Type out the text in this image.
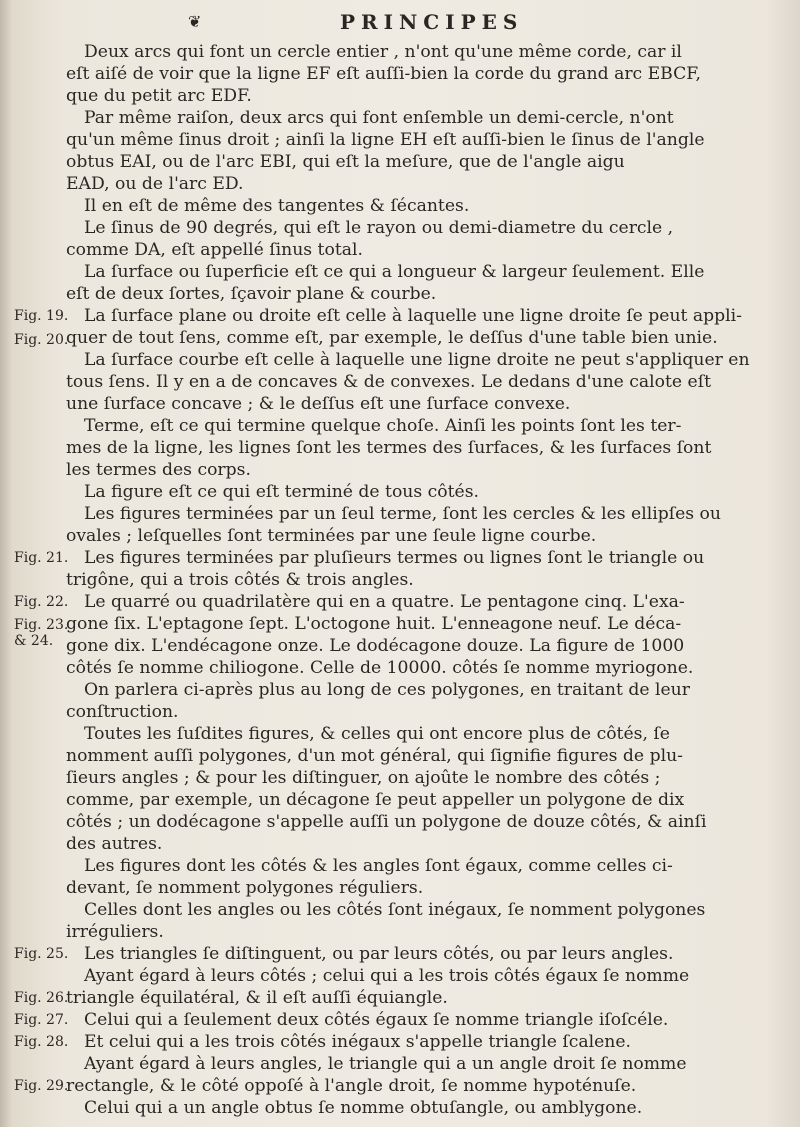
❦	PRINCIPES
Deux arcs qui font un cercle entier , n'ont qu'une même corde, car il
eſt aiſé de voir que la ligne EF eſt auſſi-bien la corde du grand arc EBCF,
que du petit arc EDF.
Par même raiſon, deux arcs qui font enſemble un demi-cercle, n'ont
qu'un même ſinus droit ; ainſi la ligne EH eſt auſſi-bien le ſinus de l'angle
obtus EAI, ou de l'arc EBI, qui eſt la meſure, que de l'angle aigu
EAD, ou de l'arc ED.
Il en eſt de même des tangentes & ſécantes.
Le ſinus de 90 degrés, qui eſt le rayon ou demi-diametre du cercle ,
comme DA, eſt appellé ſinus total.
La ſurface ou ſuperficie eſt ce qui a longueur & largeur ſeulement. Elle
eſt de deux ſortes, ſçavoir plane & courbe.
La ſurface plane ou droite eſt celle à laquelle une ligne droite ſe peut appli-
quer de tout ſens, comme eſt, par exemple, le deſſus d'une table bien unie.
La ſurface courbe eſt celle à laquelle une ligne droite ne peut s'appliquer en
tous ſens. Il y en a de concaves & de convexes. Le dedans d'une calote eſt
une ſurface concave ; & le deſſus eſt une ſurface convexe.
Terme, eſt ce qui termine quelque choſe. Ainſi les points ſont les ter-
mes de la ligne, les lignes ſont les termes des ſurfaces, & les ſurfaces ſont
les termes des corps.
La figure eſt ce qui eſt terminé de tous côtés.
Les figures terminées par un ſeul terme, ſont les cercles & les ellipſes ou
ovales ; leſquelles ſont terminées par une ſeule ligne courbe.
Les figures terminées par pluſieurs termes ou lignes ſont le triangle ou
trigône, qui a trois côtés & trois angles.
Le quarré ou quadrilatère qui en a quatre. Le pentagone cinq. L'exa-
gone ſix. L'eptagone ſept. L'octogone huit. L'enneagone neuf. Le déca-
gone dix. L'endécagone onze. Le dodécagone douze. La figure de 1000
côtés ſe nomme chiliogone. Celle de 10000. côtés ſe nomme myriogone.
On parlera ci-après plus au long de ces polygones, en traitant de leur
conſtruction.
Toutes les ſuſdites figures, & celles qui ont encore plus de côtés, ſe
nomment auſſi polygones, d'un mot général, qui ſignifie figures de plu-
ſieurs angles ; & pour les diſtinguer, on ajoûte le nombre des côtés ;
comme, par exemple, un décagone ſe peut appeller un polygone de dix
côtés ; un dodécagone s'appelle auſſi un polygone de douze côtés, & ainſi
des autres.
Les figures dont les côtés & les angles ſont égaux, comme celles ci-
devant, ſe nomment polygones réguliers.
Celles dont les angles ou les côtés ſont inégaux, ſe nomment polygones
irréguliers.
Les triangles ſe diſtinguent, ou par leurs côtés, ou par leurs angles.
Ayant égard à leurs côtés ; celui qui a les trois côtés égaux ſe nomme
triangle équilatéral, & il eſt auſſi équiangle.
Celui qui a ſeulement deux côtés égaux ſe nomme triangle iſoſcéle.
Et celui qui a les trois côtés inégaux s'appelle triangle ſcalene.
Ayant égard à leurs angles, le triangle qui a un angle droit ſe nomme
rectangle, & le côté oppoſé à l'angle droit, ſe nomme hypoténuſe.
Celui qui a un angle obtus ſe nomme obtuſangle, ou amblygone.
Fig. 19.
Fig. 20.
Fig. 21.
Fig. 22.
Fig. 23.
& 24.
Fig. 25.
Fig. 26.
Fig. 27.
Fig. 28.
Fig. 29.
